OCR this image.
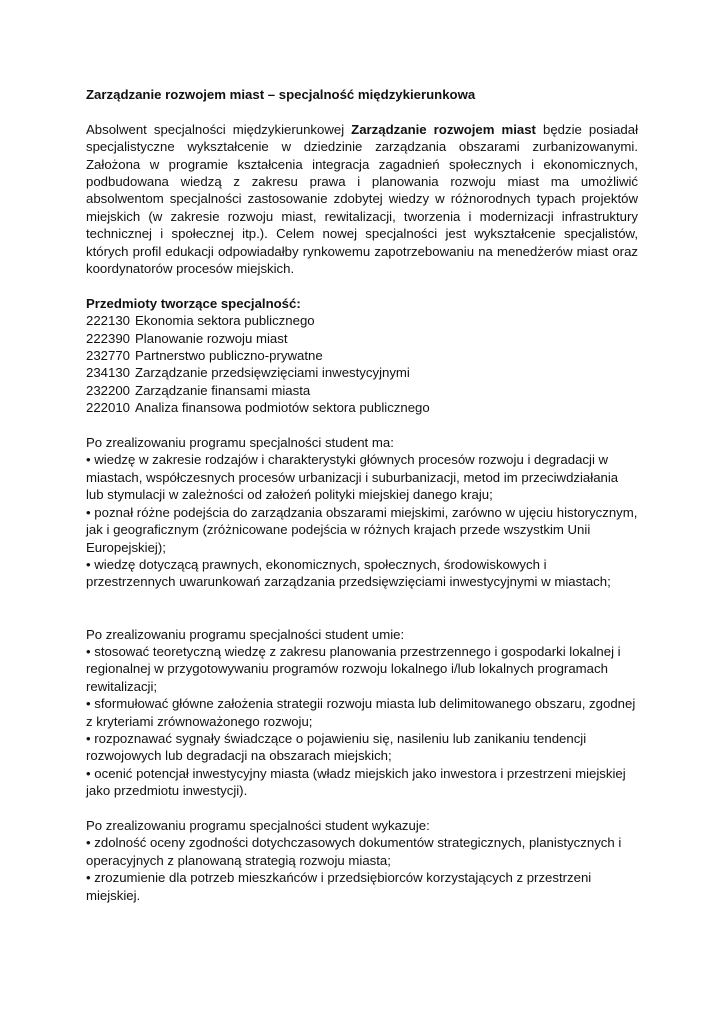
Zarządzanie rozwojem miast – specjalność międzykierunkowa

Absolwent specjalności międzykierunkowej Zarządzanie rozwojem miast będzie posiadał specjalistyczne wykształcenie w dziedzinie zarządzania obszarami zurbanizowanymi. Założona w programie kształcenia integracja zagadnień społecznych i ekonomicznych, podbudowana wiedzą z zakresu prawa i planowania rozwoju miast ma umożliwić absolwentom specjalności zastosowanie zdobytej wiedzy w różnorodnych typach projektów miejskich (w zakresie rozwoju miast, rewitalizacji, tworzenia i modernizacji infrastruktury technicznej i społecznej itp.). Celem nowej specjalności jest wykształcenie specjalistów, których profil edukacji odpowiadałby rynkowemu zapotrzebowaniu na menedżerów miast oraz koordynatorów procesów miejskich.

Przedmioty tworzące specjalność:

222130 Ekonomia sektora publicznego
222390 Planowanie rozwoju miast
232770 Partnerstwo publiczno-prywatne
234130 Zarządzanie przedsięwzięciami inwestycyjnymi
232200 Zarządzanie finansami miasta
222010 Analiza finansowa podmiotów sektora publicznego

Po zrealizowaniu programu specjalności student ma:

• wiedzę w zakresie rodzajów i charakterystyki głównych procesów rozwoju i degradacji w miastach, współczesnych procesów urbanizacji i suburbanizacji, metod im przeciwdziałania lub stymulacji w zależności od założeń polityki miejskiej danego kraju;
• poznał różne podejścia do zarządzania obszarami miejskimi, zarówno w ujęciu historycznym, jak i geograficznym (zróżnicowane podejścia w różnych krajach przede wszystkim Unii Europejskiej);
• wiedzę dotyczącą prawnych, ekonomicznych, społecznych, środowiskowych i przestrzennych uwarunkowań zarządzania przedsięwzięciami inwestycyjnymi w miastach;

Po zrealizowaniu programu specjalności student umie:

• stosować teoretyczną wiedzę z zakresu planowania przestrzennego i gospodarki lokalnej i regionalnej w przygotowywaniu programów rozwoju lokalnego i/lub lokalnych programach rewitalizacji;
• sformułować główne założenia strategii rozwoju miasta lub delimitowanego obszaru, zgodnej z kryteriami zrównoważonego rozwoju;
• rozpoznawać sygnały świadczące o pojawieniu się, nasileniu lub zanikaniu tendencji rozwojowych lub degradacji na obszarach miejskich;
• ocenić potencjał inwestycyjny miasta (władz miejskich jako inwestora i przestrzeni miejskiej jako przedmiotu inwestycji).

Po zrealizowaniu programu specjalności student wykazuje:

• zdolność oceny zgodności dotychczasowych dokumentów strategicznych, planistycznych i operacyjnych z planowaną strategią rozwoju miasta;
• zrozumienie dla potrzeb mieszkańców i przedsiębiorców korzystających z przestrzeni miejskiej.
